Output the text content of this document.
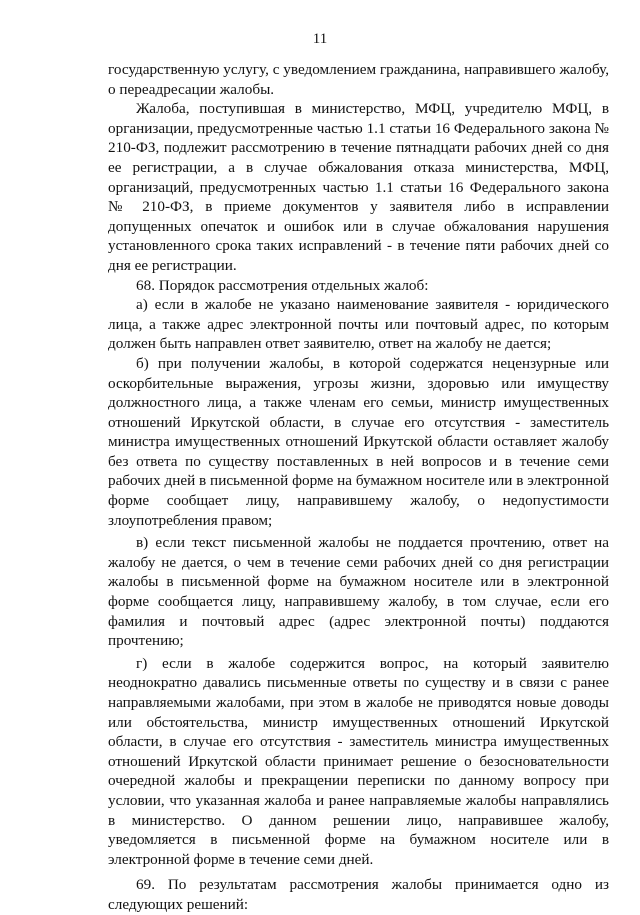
11

государственную услугу, с уведомлением гражданина, направившего жалобу, о переадресации жалобы.

Жалоба, поступившая в министерство, МФЦ, учредителю МФЦ, в организации, предусмотренные частью 1.1 статьи 16 Федерального закона № 210-ФЗ, подлежит рассмотрению в течение пятнадцати рабочих дней со дня ее регистрации, а в случае обжалования отказа министерства, МФЦ, организаций, предусмотренных частью 1.1 статьи 16 Федерального закона № 210-ФЗ, в приеме документов у заявителя либо в исправлении допущенных опечаток и ошибок или в случае обжалования нарушения установленного срока таких исправлений - в течение пяти рабочих дней со дня ее регистрации.

68. Порядок рассмотрения отдельных жалоб:

а) если в жалобе не указано наименование заявителя - юридического лица, а также адрес электронной почты или почтовый адрес, по которым должен быть направлен ответ заявителю, ответ на жалобу не дается;

б) при получении жалобы, в которой содержатся нецензурные или оскорбительные выражения, угрозы жизни, здоровью или имуществу должностного лица, а также членам его семьи, министр имущественных отношений Иркутской области, в случае его отсутствия - заместитель министра имущественных отношений Иркутской области оставляет жалобу без ответа по существу поставленных в ней вопросов и в течение семи рабочих дней в письменной форме на бумажном носителе или в электронной форме сообщает лицу, направившему жалобу, о недопустимости злоупотребления правом;

в) если текст письменной жалобы не поддается прочтению, ответ на жалобу не дается, о чем в течение семи рабочих дней со дня регистрации жалобы в письменной форме на бумажном носителе или в электронной форме сообщается лицу, направившему жалобу, в том случае, если его фамилия и почтовый адрес (адрес электронной почты) поддаются прочтению;

г) если в жалобе содержится вопрос, на который заявителю неоднократно давались письменные ответы по существу и в связи с ранее направляемыми жалобами, при этом в жалобе не приводятся новые доводы или обстоятельства, министр имущественных отношений Иркутской области, в случае его отсутствия - заместитель министра имущественных отношений Иркутской области принимает решение о безосновательности очередной жалобы и прекращении переписки по данному вопросу при условии, что указанная жалоба и ранее направляемые жалобы направлялись в министерство. О данном решении лицо, направившее жалобу, уведомляется в письменной форме на бумажном носителе или в электронной форме в течение семи дней.

69. По результатам рассмотрения жалобы принимается одно из следующих решений:
